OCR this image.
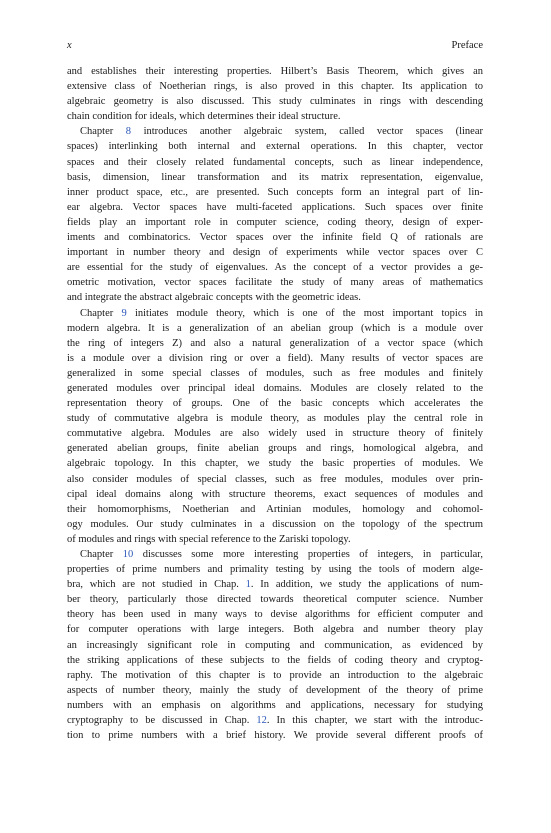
x	Preface
and establishes their interesting properties. Hilbert’s Basis Theorem, which gives an
extensive class of Noetherian rings, is also proved in this chapter. Its application to
algebraic geometry is also discussed. This study culminates in rings with descending
chain condition for ideals, which determines their ideal structure.
Chapter 8 introduces another algebraic system, called vector spaces (linear
spaces) interlinking both internal and external operations. In this chapter, vector
spaces and their closely related fundamental concepts, such as linear independence,
basis, dimension, linear transformation and its matrix representation, eigenvalue,
inner product space, etc., are presented. Such concepts form an integral part of lin-
ear algebra. Vector spaces have multi-faceted applications. Such spaces over finite
fields play an important role in computer science, coding theory, design of exper-
iments and combinatorics. Vector spaces over the infinite field Q of rationals are
important in number theory and design of experiments while vector spaces over C
are essential for the study of eigenvalues. As the concept of a vector provides a ge-
ometric motivation, vector spaces facilitate the study of many areas of mathematics
and integrate the abstract algebraic concepts with the geometric ideas.
Chapter 9 initiates module theory, which is one of the most important topics in
modern algebra. It is a generalization of an abelian group (which is a module over
the ring of integers Z) and also a natural generalization of a vector space (which
is a module over a division ring or over a field). Many results of vector spaces are
generalized in some special classes of modules, such as free modules and finitely
generated modules over principal ideal domains. Modules are closely related to the
representation theory of groups. One of the basic concepts which accelerates the
study of commutative algebra is module theory, as modules play the central role in
commutative algebra. Modules are also widely used in structure theory of finitely
generated abelian groups, finite abelian groups and rings, homological algebra, and
algebraic topology. In this chapter, we study the basic properties of modules. We
also consider modules of special classes, such as free modules, modules over prin-
cipal ideal domains along with structure theorems, exact sequences of modules and
their homomorphisms, Noetherian and Artinian modules, homology and cohomol-
ogy modules. Our study culminates in a discussion on the topology of the spectrum
of modules and rings with special reference to the Zariski topology.
Chapter 10 discusses some more interesting properties of integers, in particular,
properties of prime numbers and primality testing by using the tools of modern alge-
bra, which are not studied in Chap. 1. In addition, we study the applications of num-
ber theory, particularly those directed towards theoretical computer science. Number
theory has been used in many ways to devise algorithms for efficient computer and
for computer operations with large integers. Both algebra and number theory play
an increasingly significant role in computing and communication, as evidenced by
the striking applications of these subjects to the fields of coding theory and cryptog-
raphy. The motivation of this chapter is to provide an introduction to the algebraic
aspects of number theory, mainly the study of development of the theory of prime
numbers with an emphasis on algorithms and applications, necessary for studying
cryptography to be discussed in Chap. 12. In this chapter, we start with the introduc-
tion to prime numbers with a brief history. We provide several different proofs of
